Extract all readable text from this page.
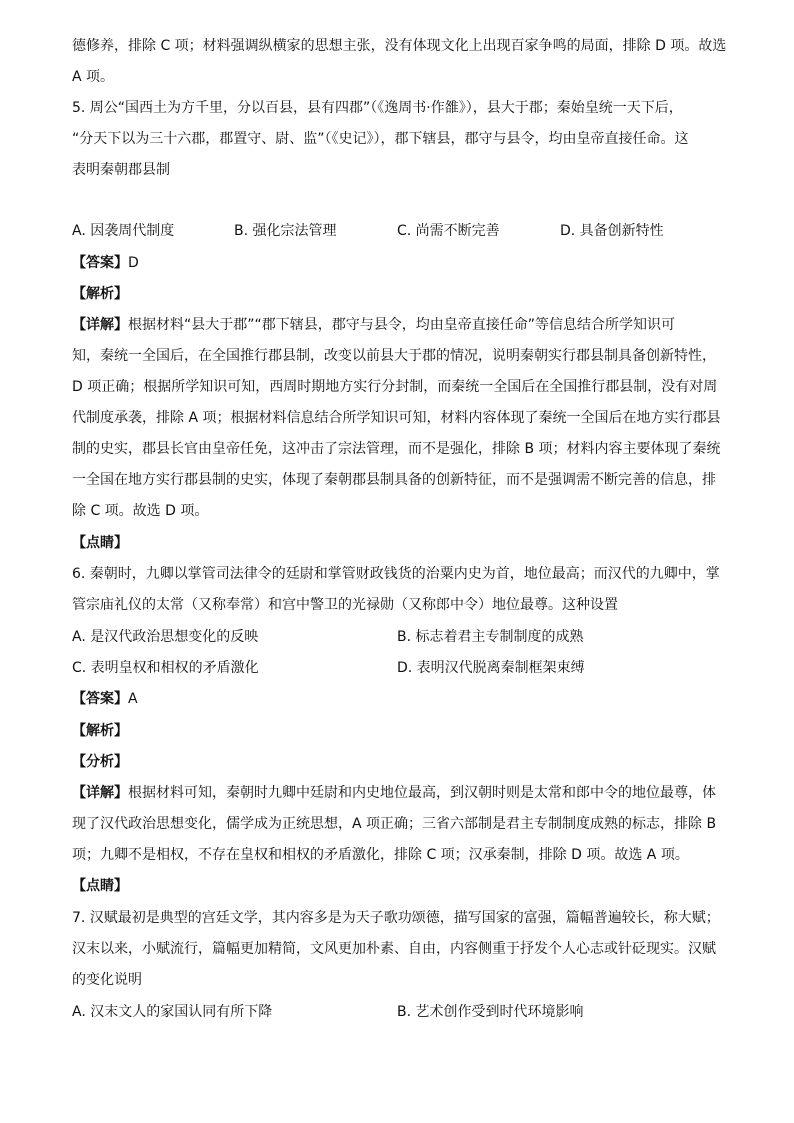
德修养，排除 C 项；材料强调纵横家的思想主张，没有体现文化上出现百家争鸣的局面，排除 D 项。故选
A 项。
5. 周公“国西土为方千里，分以百县，县有四郡”（《逸周书·作雒》），县大于郡；秦始皇统一天下后，
“分天下以为三十六郡，郡置守、尉、监”（《史记》），郡下辖县，郡守与县令，均由皇帝直接任命。这
表明秦朝郡县制
A. 因袭周代制度	B. 强化宗法管理	C. 尚需不断完善	D. 具备创新特性
【答案】D
【解析】
【详解】根据材料“县大于郡”“郡下辖县，郡守与县令，均由皇帝直接任命”等信息结合所学知识可
知，秦统一全国后，在全国推行郡县制，改变以前县大于郡的情况，说明秦朝实行郡县制具备创新特性，
D 项正确；根据所学知识可知，西周时期地方实行分封制，而秦统一全国后在全国推行郡县制，没有对周
代制度承袭，排除 A 项；根据材料信息结合所学知识可知，材料内容体现了秦统一全国后在地方实行郡县
制的史实，郡县长官由皇帝任免，这冲击了宗法管理，而不是强化，排除 B 项；材料内容主要体现了秦统
一全国在地方实行郡县制的史实，体现了秦朝郡县制具备的创新特征，而不是强调需不断完善的信息，排
除 C 项。故选 D 项。
【点睛】
6. 秦朝时，九卿以掌管司法律令的廷尉和掌管财政钱货的治粟内史为首，地位最高；而汉代的九卿中，掌
管宗庙礼仪的太常（又称奉常）和宫中警卫的光禄勋（又称郎中令）地位最尊。这种设置
A. 是汉代政治思想变化的反映	B. 标志着君主专制制度的成熟
C. 表明皇权和相权的矛盾激化	D. 表明汉代脱离秦制框架束缚
【答案】A
【解析】
【分析】
【详解】根据材料可知，秦朝时九卿中廷尉和内史地位最高，到汉朝时则是太常和郎中令的地位最尊，体
现了汉代政治思想变化，儒学成为正统思想，A 项正确；三省六部制是君主专制制度成熟的标志，排除 B
项；九卿不是相权，不存在皇权和相权的矛盾激化，排除 C 项；汉承秦制，排除 D 项。故选 A 项。
【点睛】
7. 汉赋最初是典型的宫廷文学，其内容多是为天子歌功颂德，描写国家的富强，篇幅普遍较长，称大赋；
汉末以来，小赋流行，篇幅更加精简，文风更加朴素、自由，内容侧重于抒发个人心志或针砭现实。汉赋
的变化说明
A. 汉末文人的家国认同有所下降	B. 艺术创作受到时代环境影响
